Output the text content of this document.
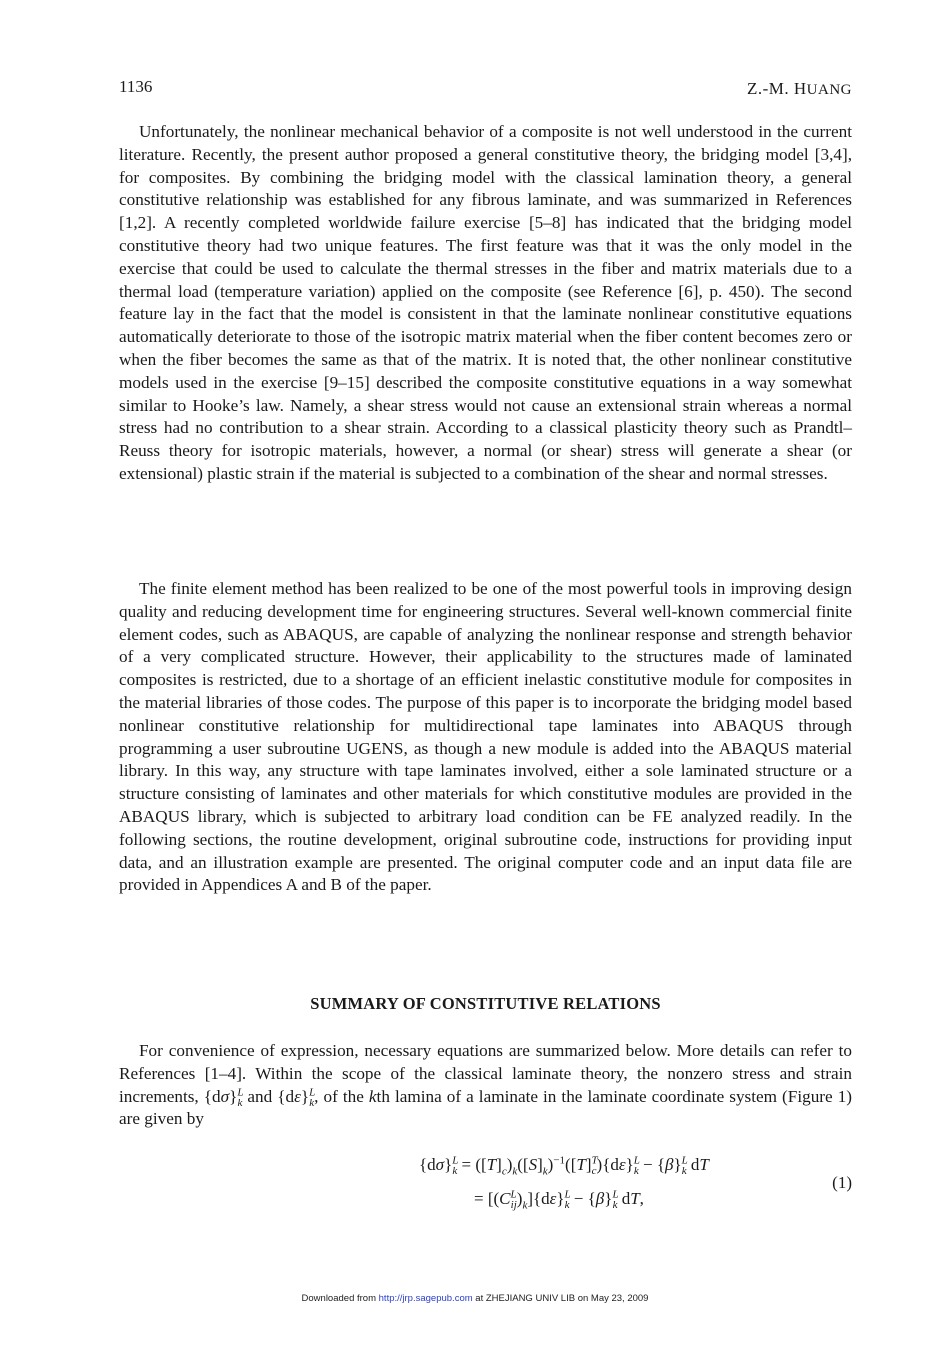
1136	Z.-M. HUANG

Unfortunately, the nonlinear mechanical behavior of a composite is not well understood in the current literature. Recently, the present author proposed a general constitutive theory, the bridging model [3,4], for composites. By combining the bridging model with the classical lamination theory, a general constitutive relationship was established for any fibrous laminate, and was summarized in References [1,2]. A recently completed worldwide failure exercise [5–8] has indicated that the bridging model constitutive theory had two unique features. The first feature was that it was the only model in the exercise that could be used to calculate the thermal stresses in the fiber and matrix materials due to a thermal load (temperature variation) applied on the composite (see Reference [6], p. 450). The second feature lay in the fact that the model is consistent in that the laminate nonlinear constitutive equations automatically deteriorate to those of the isotropic matrix material when the fiber content becomes zero or when the fiber becomes the same as that of the matrix. It is noted that, the other nonlinear constitutive models used in the exercise [9–15] described the composite constitutive equations in a way somewhat similar to Hooke’s law. Namely, a shear stress would not cause an extensional strain whereas a normal stress had no contribution to a shear strain. According to a classical plasticity theory such as Prandtl–Reuss theory for isotropic materials, however, a normal (or shear) stress will generate a shear (or extensional) plastic strain if the material is subjected to a combination of the shear and normal stresses.

The finite element method has been realized to be one of the most powerful tools in improving design quality and reducing development time for engineering structures. Several well-known commercial finite element codes, such as ABAQUS, are capable of analyzing the nonlinear response and strength behavior of a very complicated structure. However, their applicability to the structures made of laminated composites is restricted, due to a shortage of an efficient inelastic constitutive module for composites in the material libraries of those codes. The purpose of this paper is to incorporate the bridging model based nonlinear constitutive relationship for multidirectional tape laminates into ABAQUS through programming a user subroutine UGENS, as though a new module is added into the ABAQUS material library. In this way, any structure with tape laminates involved, either a sole laminated structure or a structure consisting of laminates and other materials for which constitutive modules are provided in the ABAQUS library, which is subjected to arbitrary load condition can be FE analyzed readily. In the following sections, the routine development, original subroutine code, instructions for providing input data, and an illustration example are presented. The original computer code and an input data file are provided in Appendices A and B of the paper.

SUMMARY OF CONSTITUTIVE RELATIONS

For convenience of expression, necessary equations are summarized below. More details can refer to References [1–4]. Within the scope of the classical laminate theory, the nonzero stress and strain increments, $\{d\sigma\}^L_k$ and $\{d\varepsilon\}^L_k$, of the kth lamina of a laminate in the laminate coordinate system (Figure 1) are given by

$\{d\sigma\}^L_k = ([T]_c)_k([S]_k)^{-1}([T]^T_c)\{d\varepsilon\}^L_k - \{\beta\}^L_k$ dT
= $[(C^L_{ij})_k]\{d\varepsilon\}^L_k - \{\beta\}^L_k$ dT,
(1)
Downloaded from http://jrp.sagepub.com at ZHEJIANG UNIV LIB on May 23, 2009
